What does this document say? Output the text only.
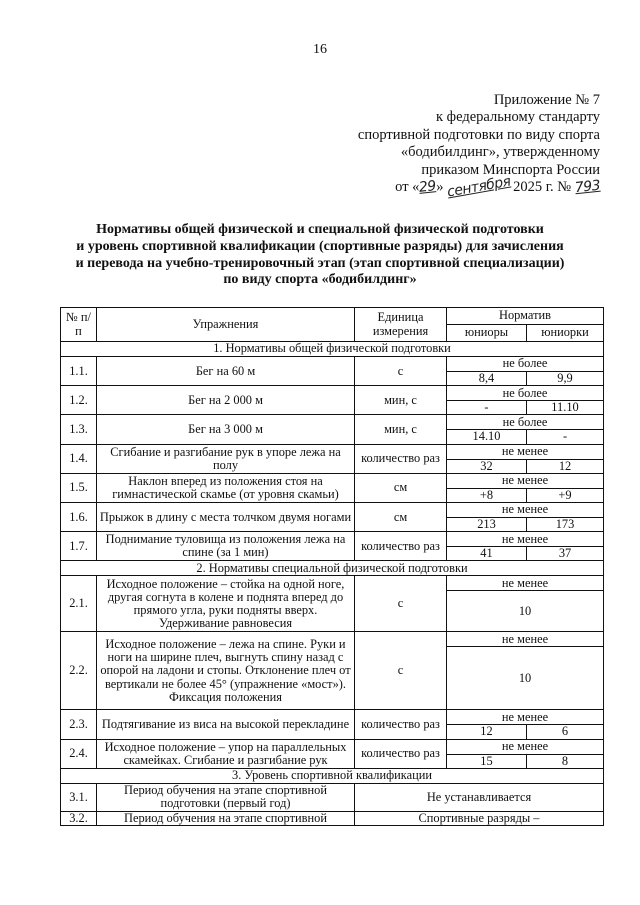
16
Приложение № 7
к федеральному стандарту
спортивной подготовки по виду спорта
«бодибилдинг», утвержденному
приказом Минспорта России
от «29» сентября2025 г. № 793
Нормативы общей физической и специальной физической подготовки
и уровень спортивной квалификации (спортивные разряды) для зачисления
и перевода на учебно-тренировочный этап (этап спортивной специализации)
по виду спорта «бодибилдинг»
№ п/п	Упражнения	Единица измерения	Норматив	
			юниоры	юниорки
1. Нормативы общей физической подготовки				
1.1.	Бег на 60 м	с	не более	
			8,4	9,9
1.2.	Бег на 2 000 м	мин, с	не более	
			-	11.10
1.3.	Бег на 3 000 м	мин, с	не более	
			14.10	-
1.4.	Сгибание и разгибание рук в упоре лежа на полу	количество раз	не менее	
			32	12
1.5.	Наклон вперед из положения стоя на гимнастической скамье (от уровня скамьи)	см	не менее	
			+8	+9
1.6.	Прыжок в длину с места толчком двумя ногами	см	не менее	
			213	173
1.7.	Поднимание туловища из положения лежа на спине (за 1 мин)	количество раз	не менее	
			41	37
2. Нормативы специальной физической подготовки				
2.1.	Исходное положение – стойка на одной ноге, другая согнута в колене и поднята вперед до прямого угла, руки подняты вверх. Удерживание равновесия	с	не менее	
			10	
2.2.	Исходное положение – лежа на спине. Руки и ноги на ширине плеч, выгнуть спину назад с опорой на ладони и стопы. Отклонение плеч от вертикали не более 45° (упражнение «мост»). Фиксация положения	с	не менее	
			10	
2.3.	Подтягивание из виса на высокой перекладине	количество раз	не менее	
			12	6
2.4.	Исходное положение – упор на параллельных скамейках. Сгибание и разгибание рук	количество раз	не менее	
			15	8
3. Уровень спортивной квалификации				
3.1.	Период обучения на этапе спортивной подготовки (первый год)	Не устанавливается		
3.2.	Период обучения на этапе спортивной	Спортивные разряды –		
